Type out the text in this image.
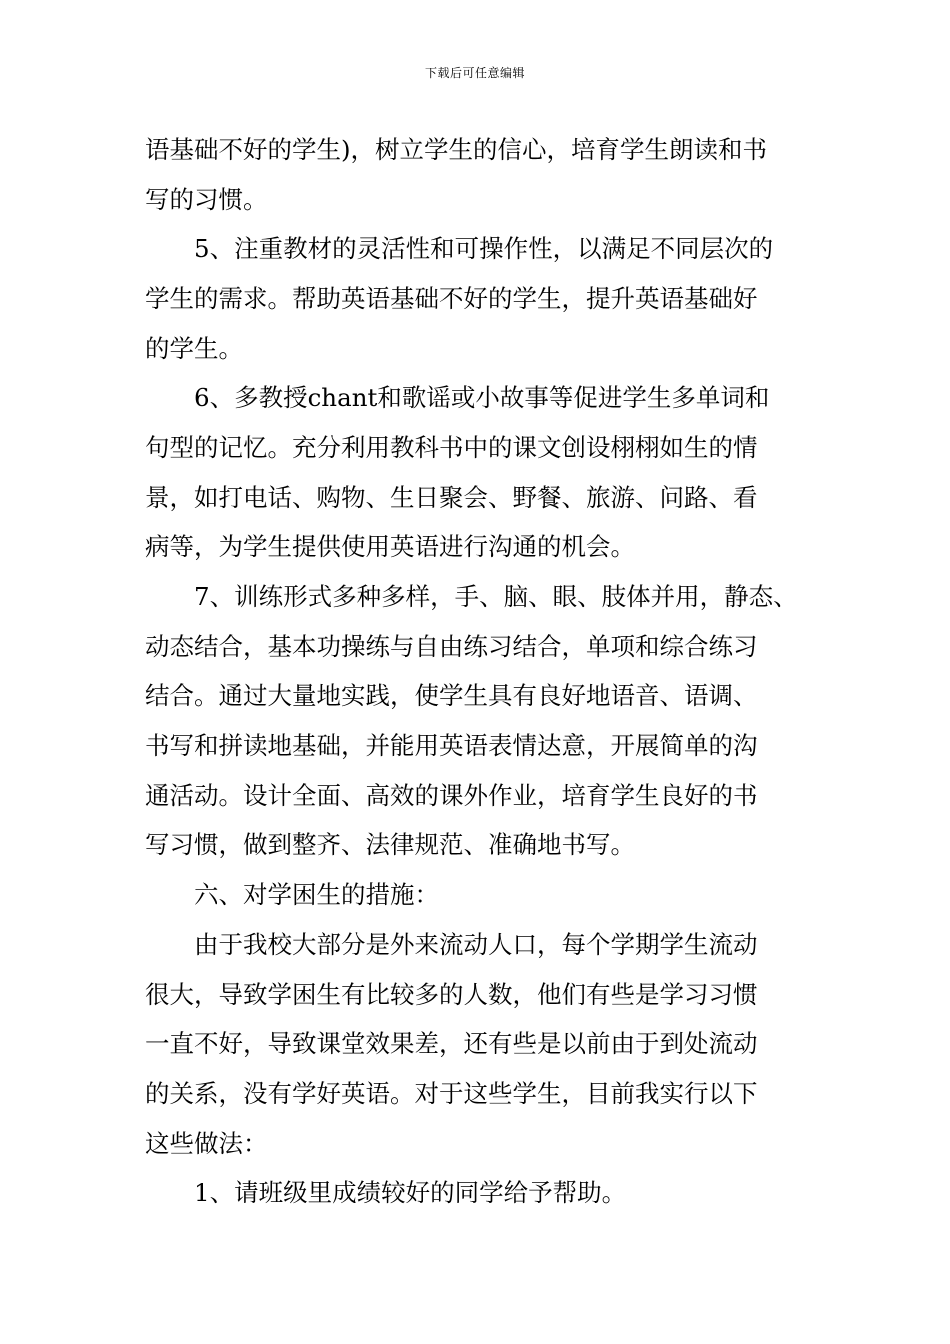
下载后可任意编辑
语基础不好的学生)，树立学生的信心，培育学生朗读和书
写的习惯。
　　5、注重教材的灵活性和可操作性，以满足不同层次的
学生的需求。帮助英语基础不好的学生，提升英语基础好
的学生。
　　6、多教授chant和歌谣或小故事等促进学生多单词和
句型的记忆。充分利用教科书中的课文创设栩栩如生的情
景，如打电话、购物、生日聚会、野餐、旅游、问路、看
病等，为学生提供使用英语进行沟通的机会。
　　7、训练形式多种多样，手、脑、眼、肢体并用，静态、
动态结合，基本功操练与自由练习结合，单项和综合练习
结合。通过大量地实践，使学生具有良好地语音、语调、
书写和拼读地基础，并能用英语表情达意，开展简单的沟
通活动。设计全面、高效的课外作业，培育学生良好的书
写习惯，做到整齐、法律规范、准确地书写。
　　六、对学困生的措施：
　　由于我校大部分是外来流动人口，每个学期学生流动
很大，导致学困生有比较多的人数，他们有些是学习习惯
一直不好，导致课堂效果差，还有些是以前由于到处流动
的关系，没有学好英语。对于这些学生，目前我实行以下
这些做法：
　　1、请班级里成绩较好的同学给予帮助。
